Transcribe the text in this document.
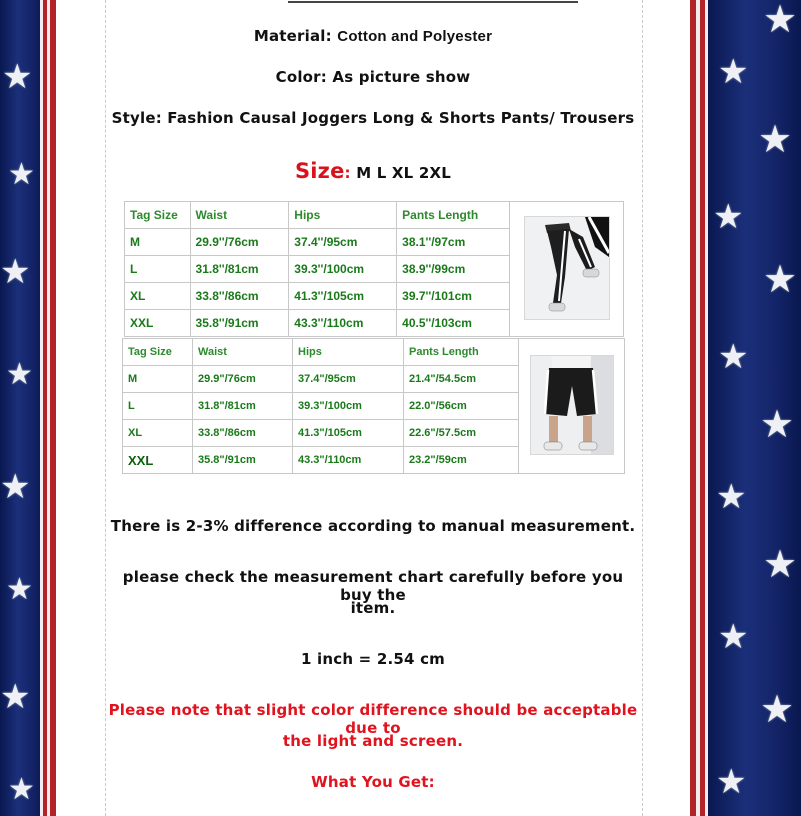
★
★
★
★
★
★
★
★
★
★
★
★
★
★
★
★
★
★
★
★
Material: Cotton and Polyester
Color: As picture show
Style: Fashion Causal Joggers Long & Shorts Pants/ Trousers
Size: M L XL 2XL
Tag Size	Waist	Hips	Pants Length	
M	29.9''/76cm	37.4''/95cm	38.1''/97cm	
L	31.8''/81cm	39.3''/100cm	38.9''/99cm	
XL	33.8''/86cm	41.3''/105cm	39.7''/101cm	
XXL	35.8''/91cm	43.3''/110cm	40.5''/103cm	
Tag Size	Waist	Hips	Pants Length	
M	29.9"/76cm	37.4"/95cm	21.4"/54.5cm	
L	31.8"/81cm	39.3"/100cm	22.0"/56cm	
XL	33.8"/86cm	41.3"/105cm	22.6"/57.5cm	
XXL	35.8"/91cm	43.3"/110cm	23.2"/59cm	
There is 2-3% difference according to manual measurement.
please check the measurement chart carefully before you buy the
item.
1 inch = 2.54 cm
Please note that slight color difference should be acceptable due to
the light and screen.
What You Get:
